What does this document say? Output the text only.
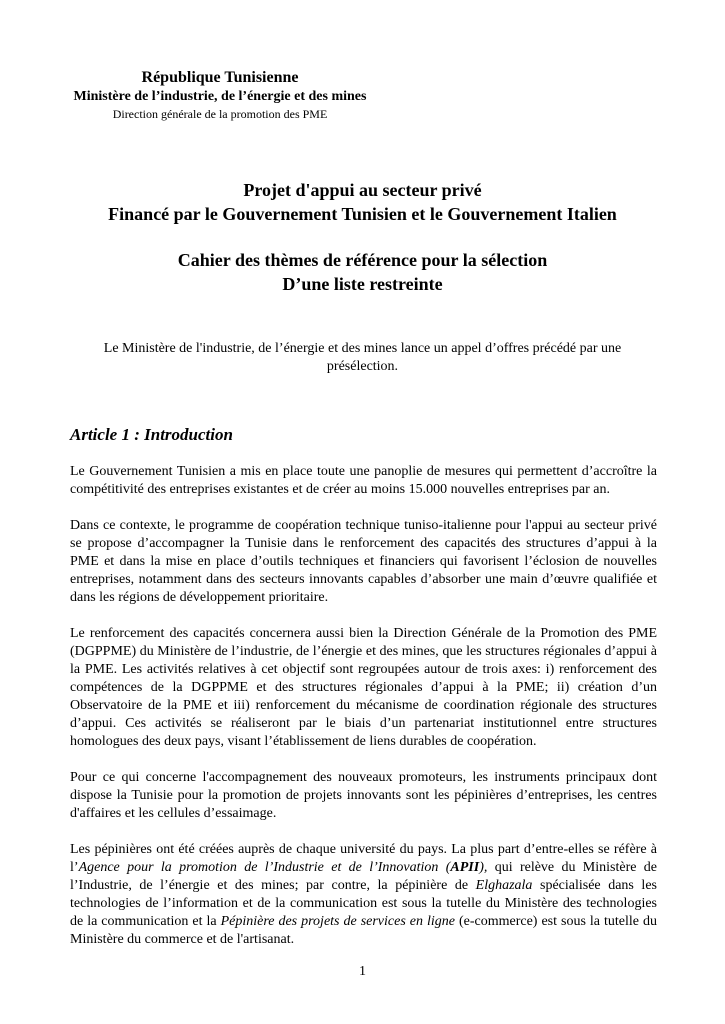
République Tunisienne
Ministère de l’industrie, de l’énergie et des mines
Direction générale de la promotion des PME
Projet d'appui au secteur privé
Financé par le Gouvernement Tunisien et le Gouvernement Italien
Cahier des thèmes de référence pour la sélection
D’une liste restreinte
Le Ministère de l'industrie, de l’énergie et des mines lance un appel d’offres précédé par une présélection.
Article 1 : Introduction

Le Gouvernement Tunisien a mis en place toute une panoplie de mesures qui permettent d’accroître la compétitivité des entreprises existantes et de créer au moins 15.000 nouvelles entreprises par an.

Dans ce contexte, le programme de coopération technique tuniso-italienne pour l'appui au secteur privé se propose d’accompagner la Tunisie dans le renforcement des capacités des structures d’appui à la PME et dans la mise en place d’outils techniques et financiers qui favorisent l’éclosion de nouvelles entreprises, notamment dans des secteurs innovants capables d’absorber une main d’œuvre qualifiée et dans les régions de développement prioritaire.

Le renforcement des capacités concernera aussi bien la Direction Générale de la Promotion des PME (DGPPME) du Ministère de l’industrie, de l’énergie et des mines, que les structures régionales d’appui à la PME. Les activités relatives à cet objectif sont regroupées autour de trois axes: i) renforcement des compétences de la DGPPME et des structures régionales d’appui à la PME; ii) création d’un Observatoire de la PME et iii) renforcement du mécanisme de coordination régionale des structures d’appui. Ces activités se réaliseront par le biais d’un partenariat institutionnel entre structures homologues des deux pays, visant l’établissement de liens durables de coopération.

Pour ce qui concerne l'accompagnement des nouveaux promoteurs, les instruments principaux dont dispose la Tunisie pour la promotion de projets innovants sont les pépinières d’entreprises, les centres d'affaires et les cellules d’essaimage.

Les pépinières ont été créées auprès de chaque université du pays. La plus part d’entre-elles se réfère à l’Agence pour la promotion de l’Industrie et de l’Innovation (APII), qui relève du Ministère de l’Industrie, de l’énergie et des mines; par contre, la pépinière de Elghazala spécialisée dans les technologies de l’information et de la communication est sous la tutelle du Ministère des technologies de la communication et la Pépinière des projets de services en ligne (e-commerce) est sous la tutelle du Ministère du commerce et de l'artisanat.

1
